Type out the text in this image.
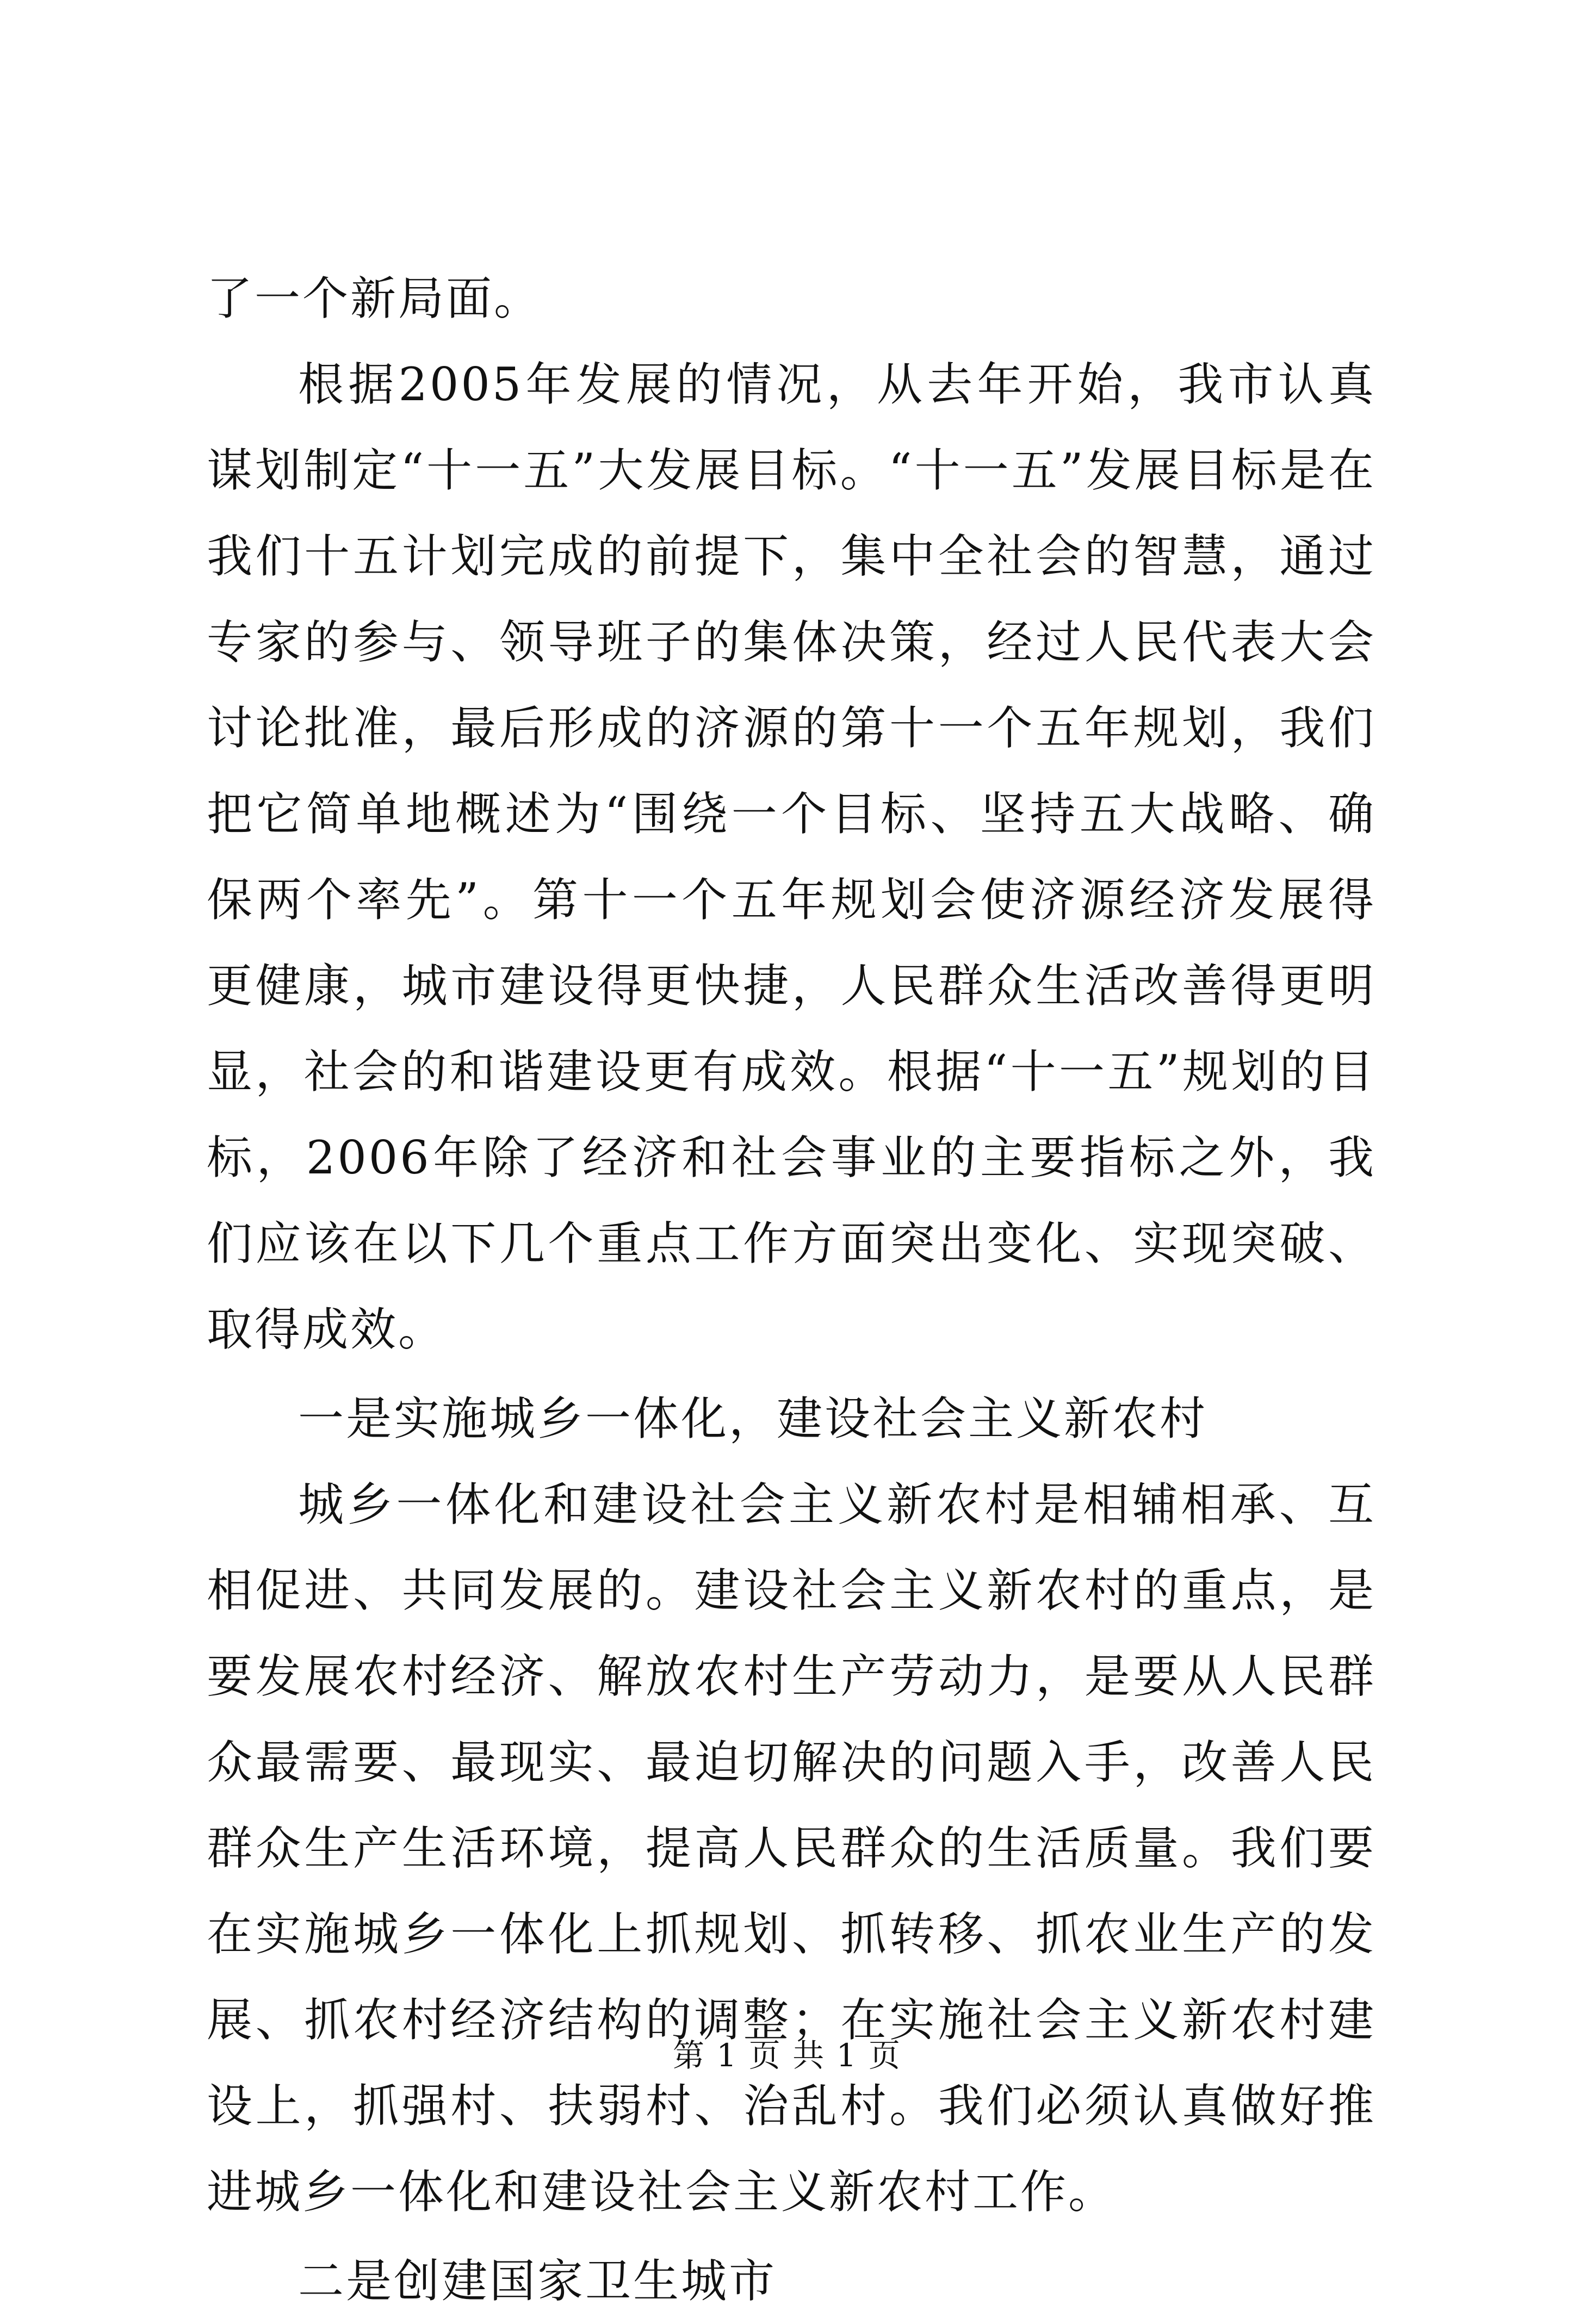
了一个新局面。

根据2005年发展的情况，从去年开始，我市认真谋划制定“十一五”大发展目标。“十一五”发展目标是在我们十五计划完成的前提下，集中全社会的智慧，通过专家的参与、领导班子的集体决策，经过人民代表大会讨论批准，最后形成的济源的第十一个五年规划，我们把它简单地概述为“围绕一个目标、坚持五大战略、确保两个率先”。第十一个五年规划会使济源经济发展得更健康，城市建设得更快捷，人民群众生活改善得更明显，社会的和谐建设更有成效。根据“十一五”规划的目标，2006年除了经济和社会事业的主要指标之外，我们应该在以下几个重点工作方面突出变化、实现突破、取得成效。

一是实施城乡一体化，建设社会主义新农村

城乡一体化和建设社会主义新农村是相辅相承、互相促进、共同发展的。建设社会主义新农村的重点，是要发展农村经济、解放农村生产劳动力，是要从人民群众最需要、最现实、最迫切解决的问题入手，改善人民群众生产生活环境，提高人民群众的生活质量。我们要在实施城乡一体化上抓规划、抓转移、抓农业生产的发展、抓农村经济结构的调整；在实施社会主义新农村建设上，抓强村、扶弱村、治乱村。我们必须认真做好推进城乡一体化和建设社会主义新农村工作。

二是创建国家卫生城市

第 1 页 共 1 页
